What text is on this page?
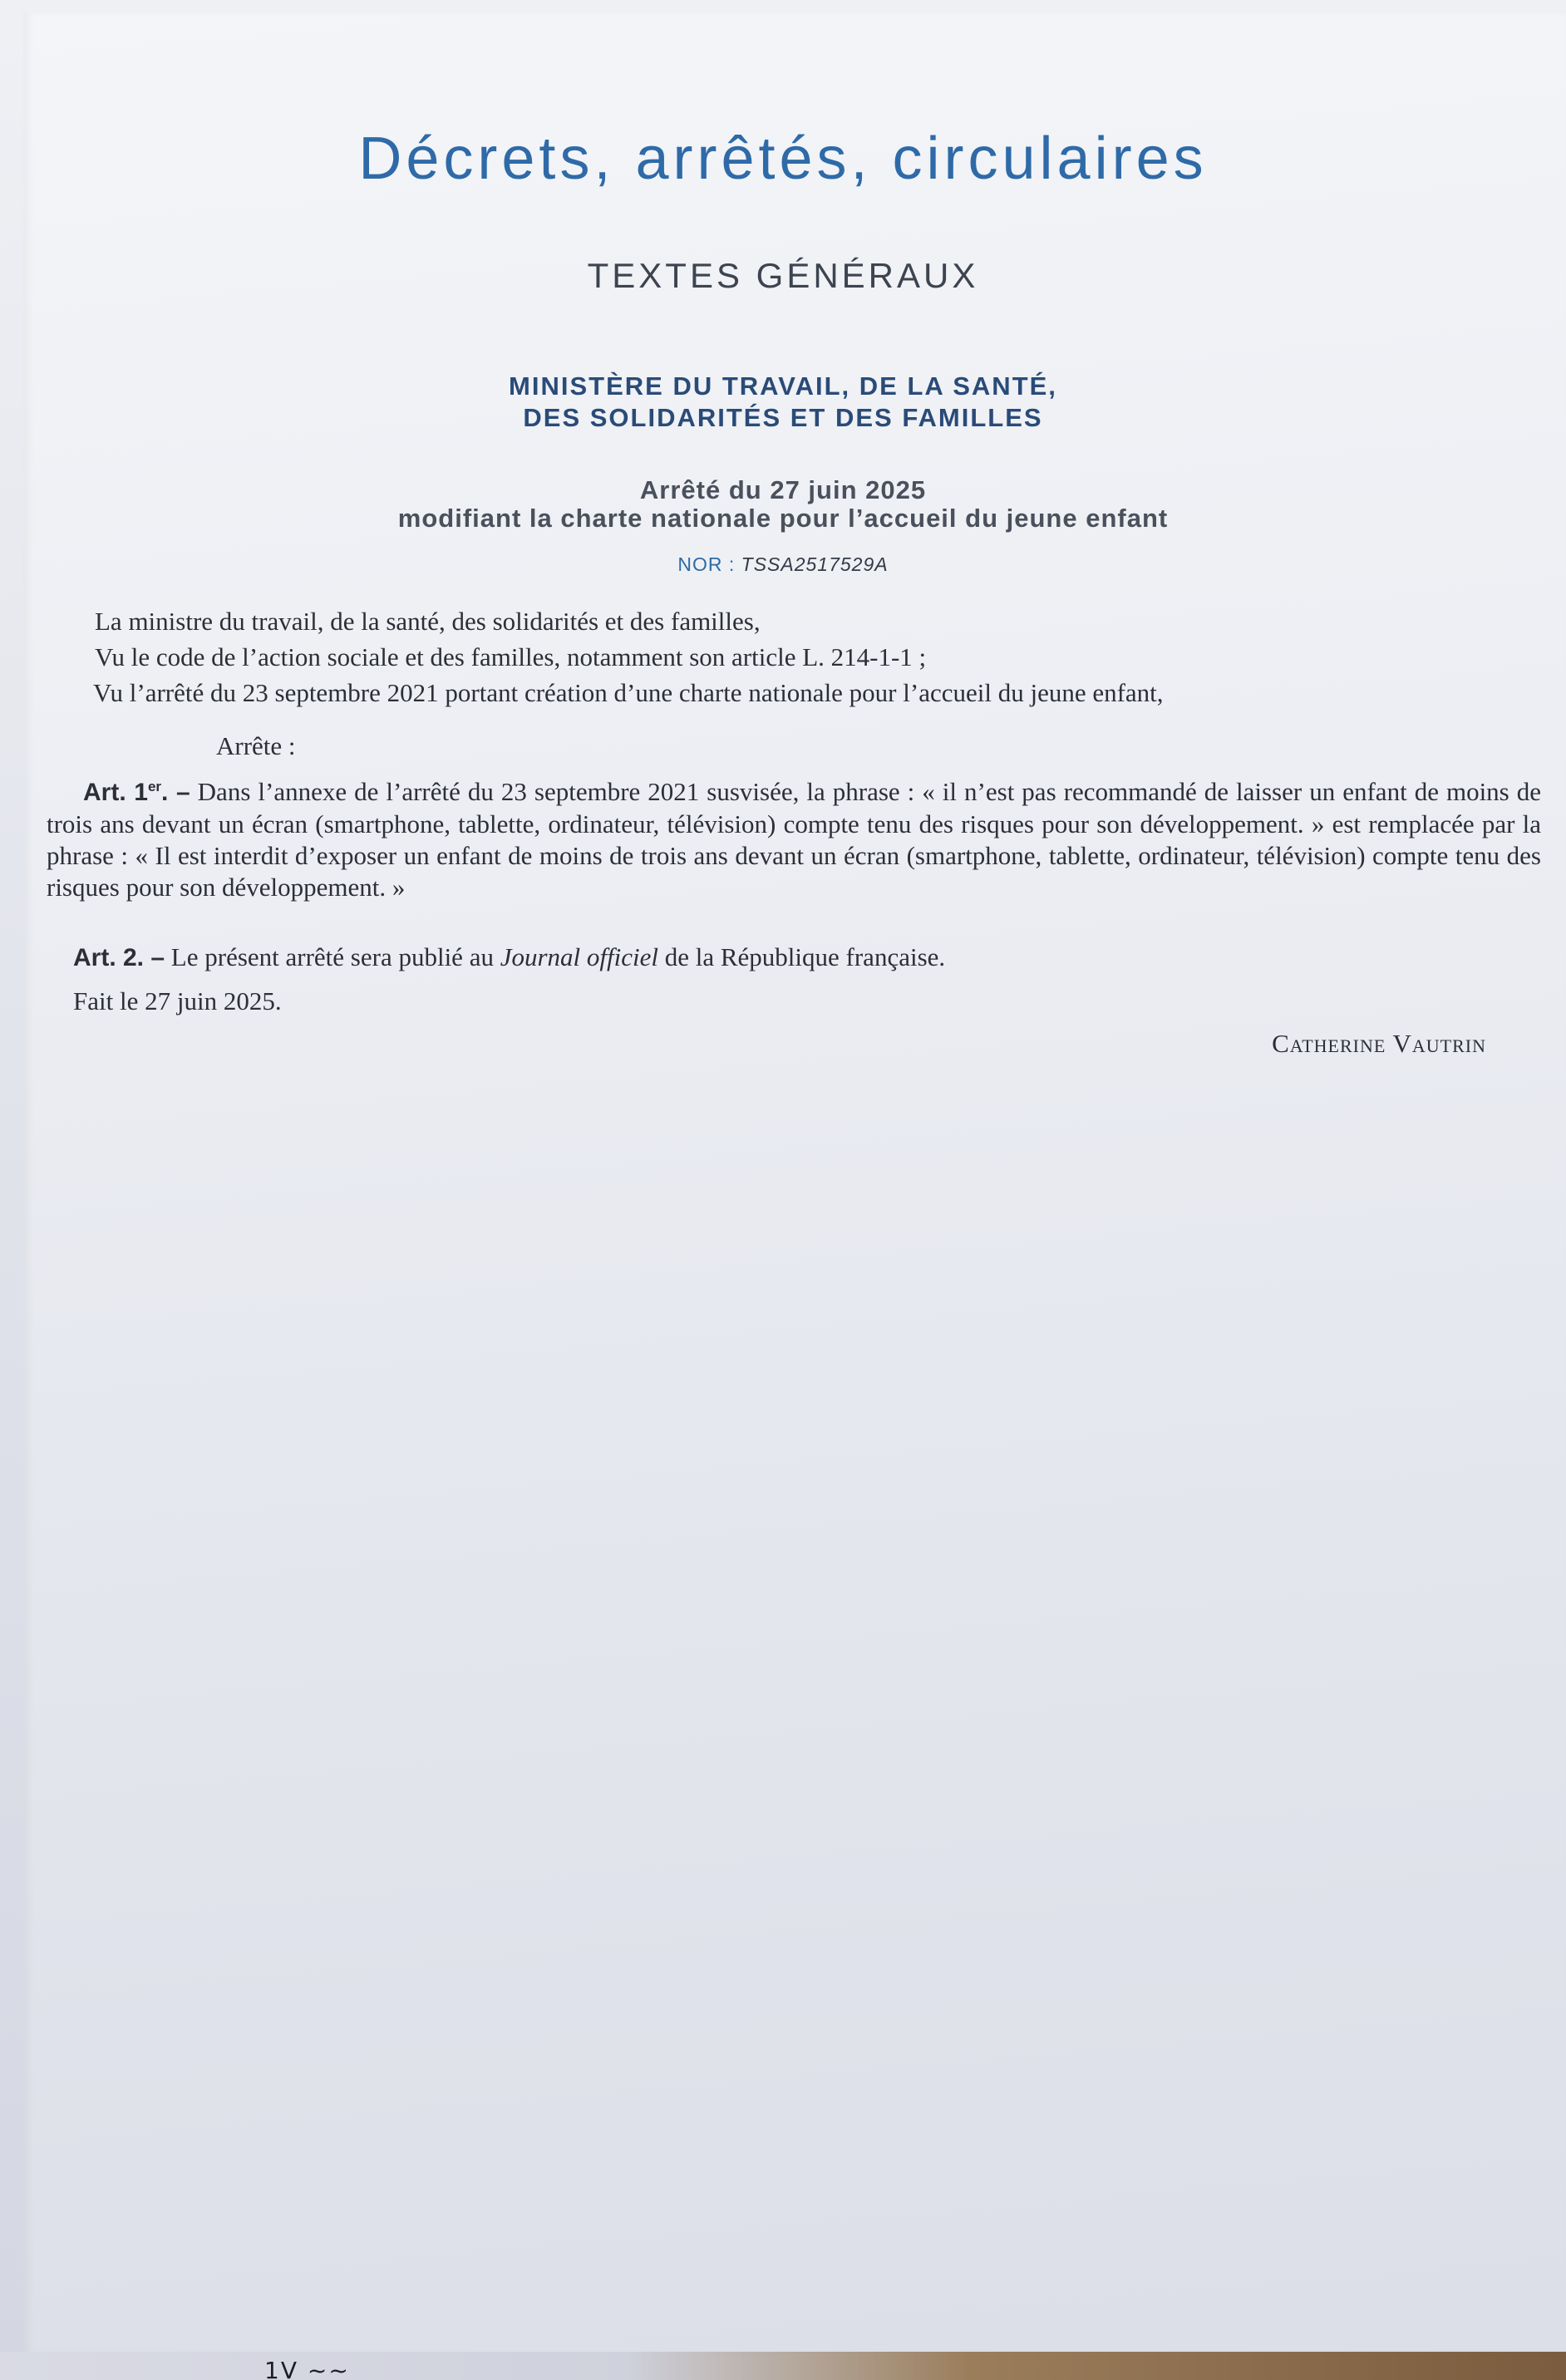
Décrets, arrêtés, circulaires
TEXTES GÉNÉRAUX
MINISTÈRE DU TRAVAIL, DE LA SANTÉ,
DES SOLIDARITÉS ET DES FAMILLES
Arrêté du 27 juin 2025
modifiant la charte nationale pour l’accueil du jeune enfant
NOR : TSSA2517529A
La ministre du travail, de la santé, des solidarités et des familles,
Vu le code de l’action sociale et des familles, notamment son article L. 214-1-1 ;
Vu l’arrêté du 23 septembre 2021 portant création d’une charte nationale pour l’accueil du jeune enfant,
Arrête :
Art. 1er. – Dans l’annexe de l’arrêté du 23 septembre 2021 susvisée, la phrase : « il n’est pas recommandé de laisser un enfant de moins de trois ans devant un écran (smartphone, tablette, ordinateur, télévision) compte tenu des risques pour son développement. » est remplacée par la phrase : « Il est interdit d’exposer un enfant de moins de trois ans devant un écran (smartphone, tablette, ordinateur, télévision) compte tenu des risques pour son développement. »
Art. 2. – Le présent arrêté sera publié au Journal officiel de la République française.
Fait le 27 juin 2025.
Catherine Vautrin
1V ~~
